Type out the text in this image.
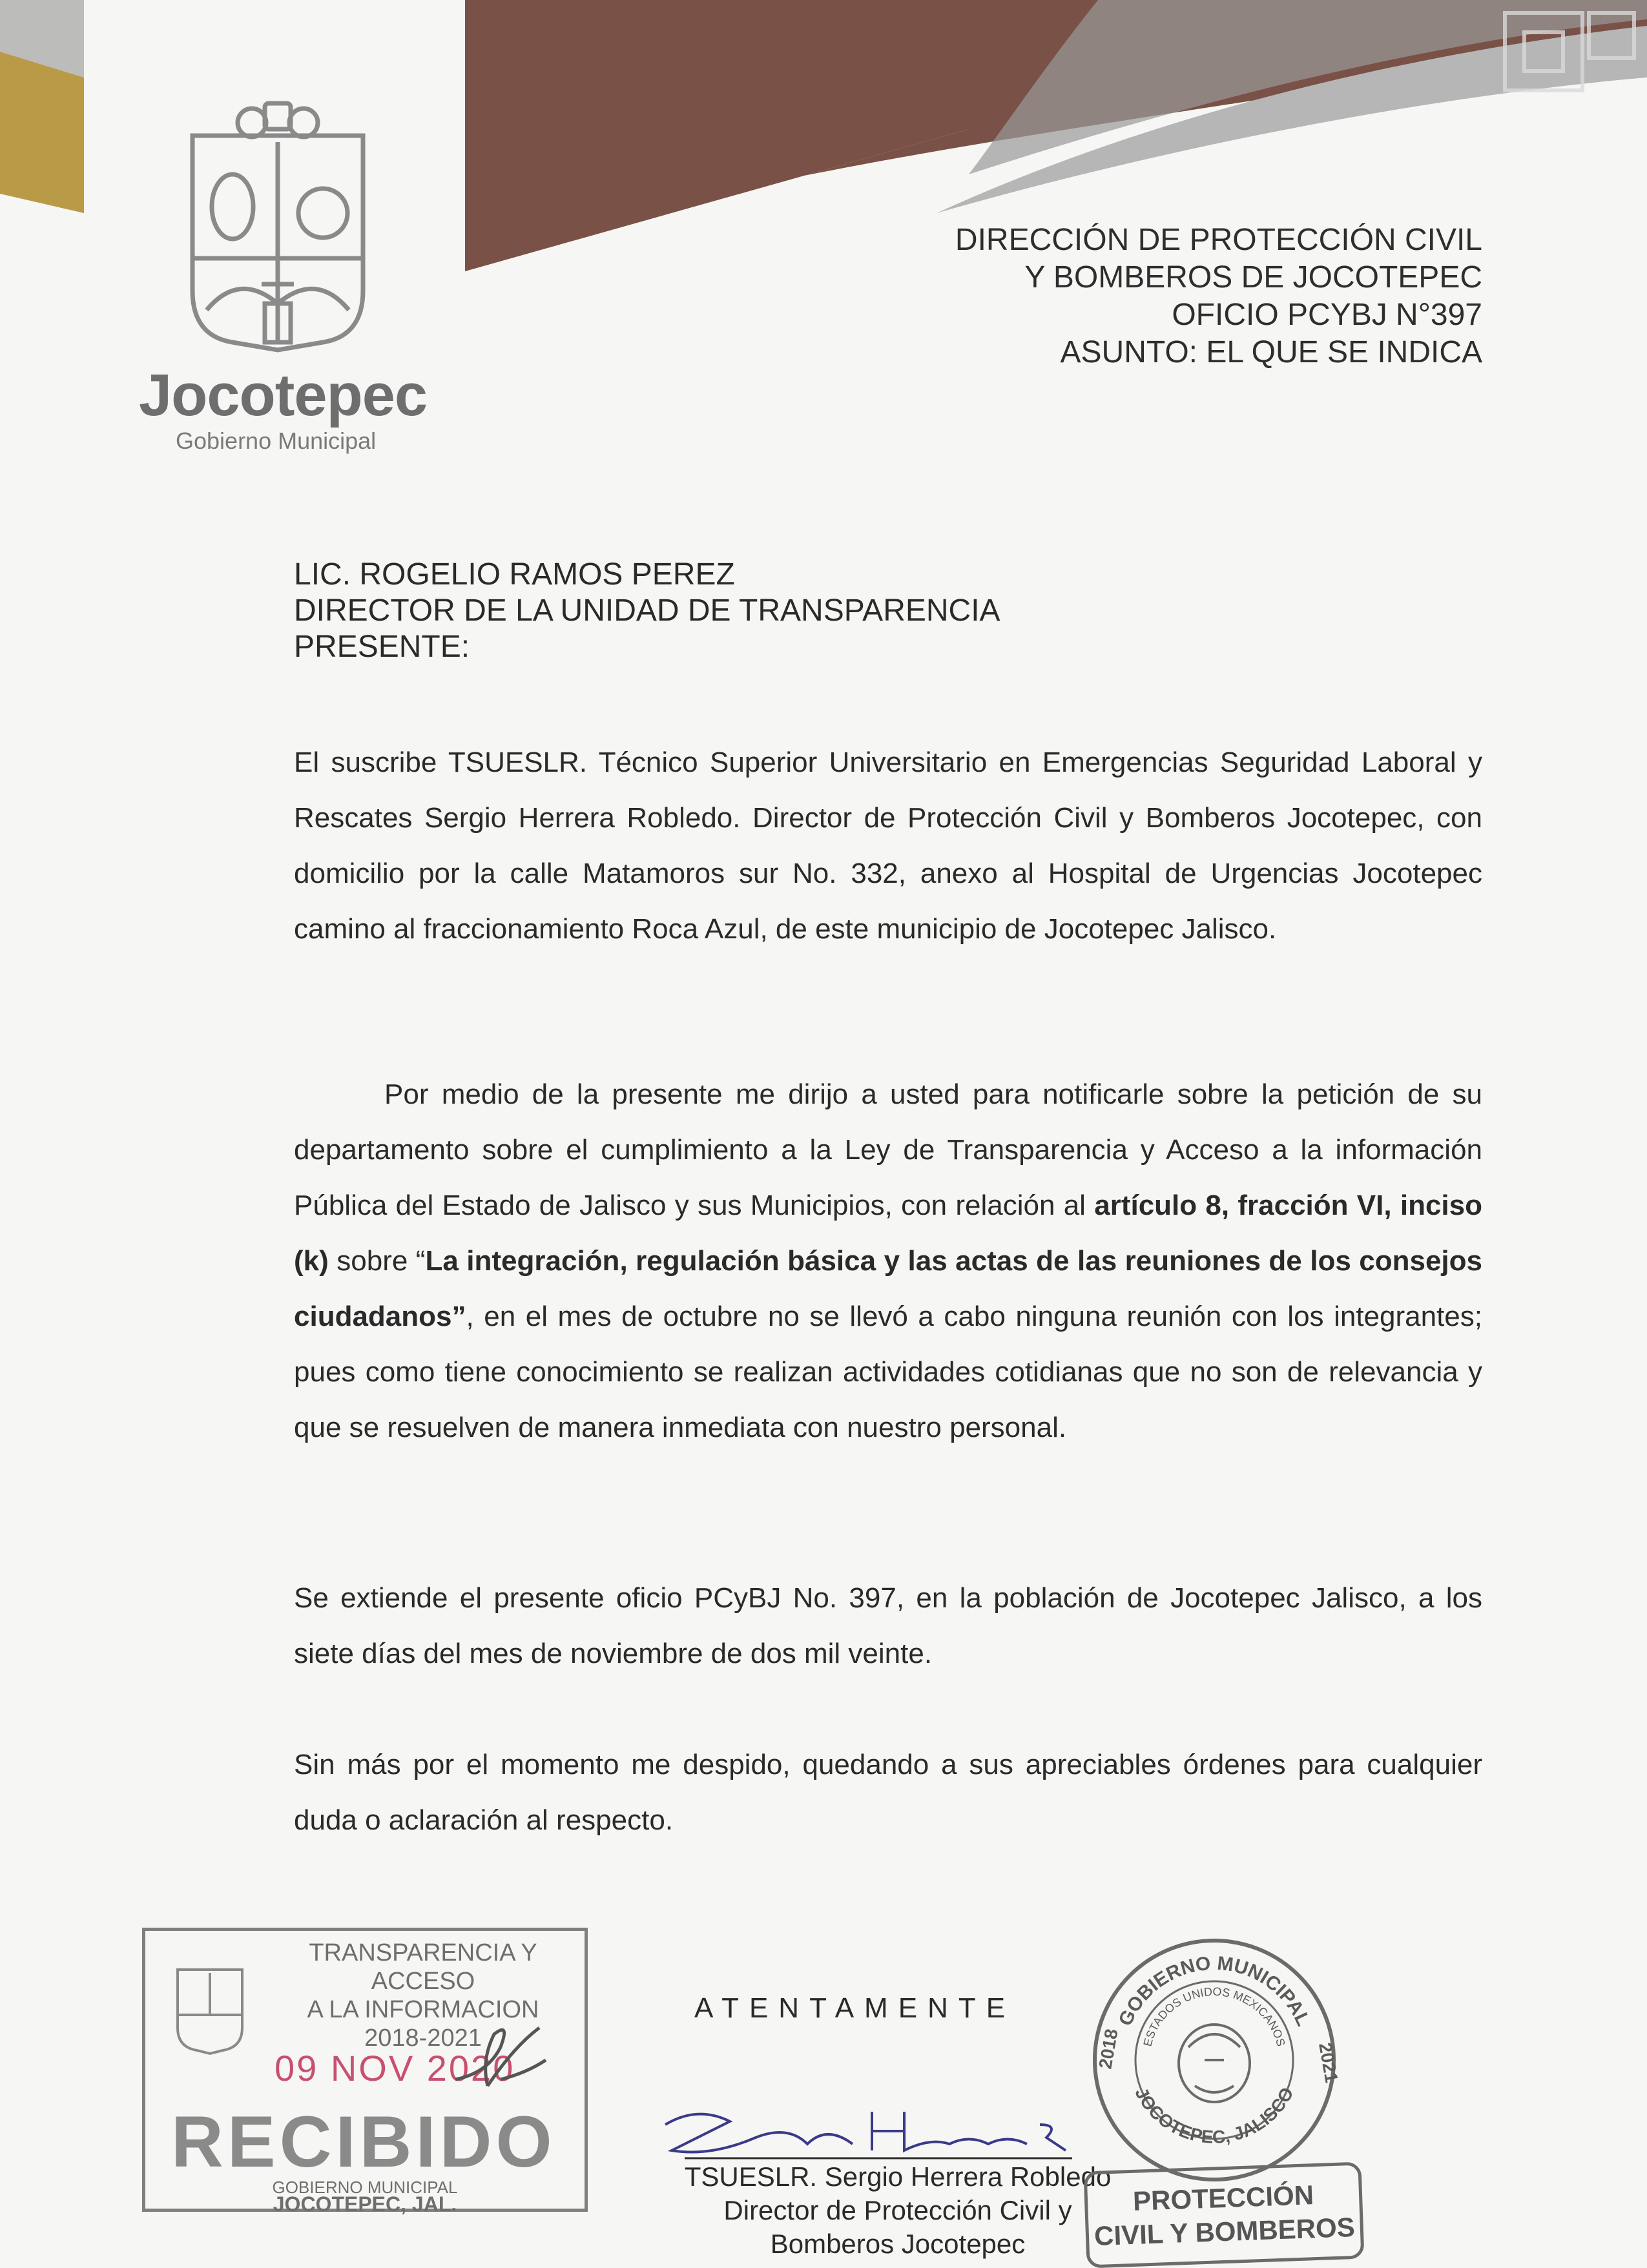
Jocotepec
Gobierno Municipal
DIRECCIÓN DE PROTECCIÓN CIVIL
Y BOMBEROS DE JOCOTEPEC
OFICIO PCYBJ N°397
ASUNTO: EL QUE SE INDICA
LIC. ROGELIO RAMOS PEREZ
DIRECTOR DE LA UNIDAD DE TRANSPARENCIA
PRESENTE:

El suscribe TSUESLR. Técnico Superior Universitario en Emergencias Seguridad Laboral y Rescates Sergio Herrera Robledo. Director de Protección Civil y Bomberos Jocotepec, con domicilio por la calle Matamoros sur No. 332, anexo al Hospital de Urgencias Jocotepec camino al fraccionamiento Roca Azul, de este municipio de Jocotepec Jalisco.

Por medio de la presente me dirijo a usted para notificarle sobre la petición de su departamento sobre el cumplimiento a la Ley de Transparencia y Acceso a la información Pública del Estado de Jalisco y sus Municipios, con relación al artículo 8, fracción VI, inciso (k) sobre “La integración, regulación básica y las actas de las reuniones de los consejos ciudadanos”, en el mes de octubre no se llevó a cabo ninguna reunión con los integrantes; pues como tiene conocimiento se realizan actividades cotidianas que no son de relevancia y que se resuelven de manera inmediata con nuestro personal.

Se extiende el presente oficio PCyBJ No. 397, en la población de Jocotepec Jalisco, a los siete días del mes de noviembre de dos mil veinte.

Sin más por el momento me despido, quedando a sus apreciables órdenes para cualquier duda o aclaración al respecto.

TRANSPARENCIA Y ACCESO
A LA INFORMACION
2018-2021
09 NOV 2020
RECIBIDO
GOBIERNO MUNICIPAL
JOCOTEPEC, JAL.
ATENTAMENTE
TSUESLR. Sergio Herrera Robledo
Director de Protección Civil y
Bomberos Jocotepec
GOBIERNO MUNICIPAL
ESTADOS UNIDOS MEXICANOS
JOCOTEPEC, JALISCO
2018	2021
PROTECCIÓN
CIVIL Y BOMBEROS
